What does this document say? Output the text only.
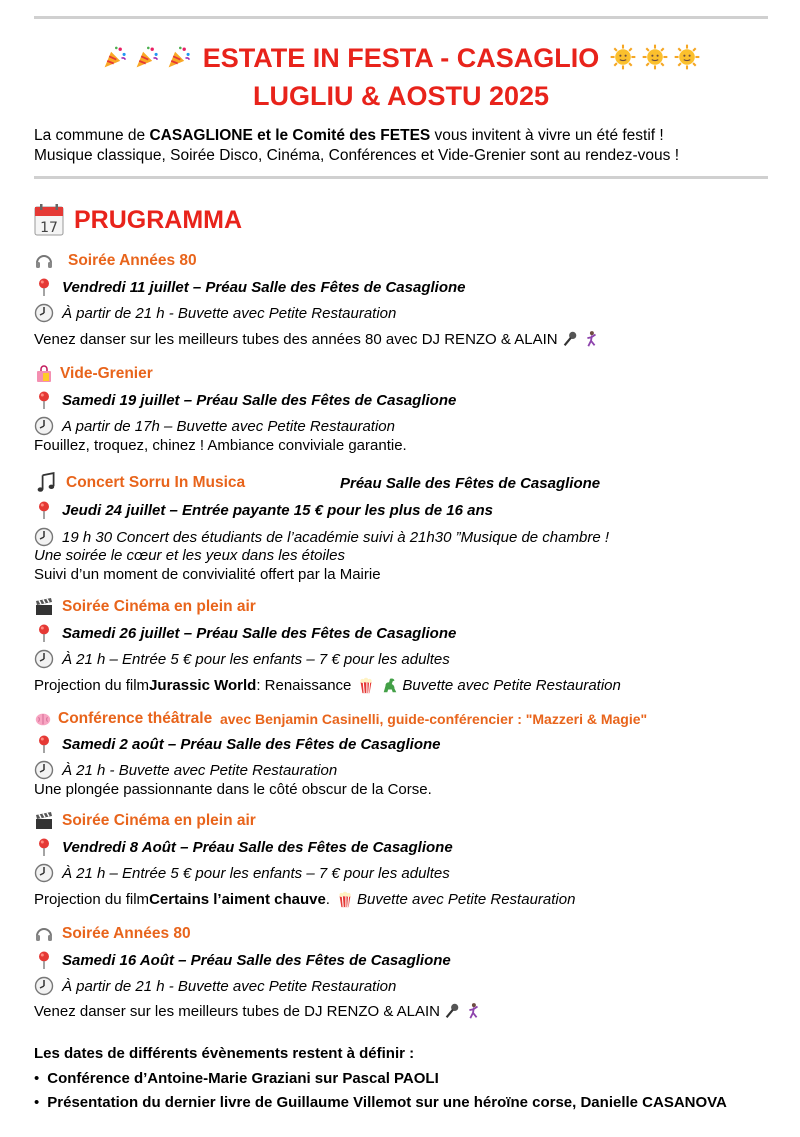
ESTATE IN FESTA - CASAGLIO
LUGLIU & AOSTU 2025
La commune de CASAGLIONE et le Comité des FETES vous invitent à vivre un été festif !
Musique classique, Soirée Disco, Cinéma, Conférences et Vide-Grenier sont au rendez-vous !
17 PRUGRAMMA
Soirée Années 80
Vendredi 11 juillet – Préau Salle des Fêtes de Casaglione
À partir de 21 h - Buvette avec Petite Restauration
Venez danser sur les meilleurs tubes des années 80 avec DJ RENZO & ALAIN
Vide-Grenier
Samedi 19 juillet – Préau Salle des Fêtes de Casaglione
A partir de 17h – Buvette avec Petite Restauration
Fouillez, troquez, chinez ! Ambiance conviviale garantie.
Concert Sorru In Musica	Préau Salle des Fêtes de Casaglione
Jeudi 24 juillet – Entrée payante 15 € pour les plus de 16 ans
19 h 30 Concert des étudiants de l’académie suivi à 21h30 ”Musique de chambre !
Une soirée le cœur et les yeux dans les étoiles
Suivi d’un moment de convivialité offert par la Mairie
Soirée Cinéma en plein air
Samedi 26 juillet – Préau Salle des Fêtes de Casaglione
À 21 h – Entrée 5 € pour les enfants – 7 € pour les adultes
Projection du film Jurassic World : Renaissance	Buvette avec Petite Restauration
Conférence théâtrale avec Benjamin Casinelli, guide-conférencier : "Mazzeri & Magie"
Samedi 2 août – Préau Salle des Fêtes de Casaglione
À 21 h - Buvette avec Petite Restauration
Une plongée passionnante dans le côté obscur de la Corse.
Soirée Cinéma en plein air
Vendredi 8 Août – Préau Salle des Fêtes de Casaglione
À 21 h – Entrée 5 € pour les enfants – 7 € pour les adultes
Projection du film Certains l’aiment chauve . Buvette avec Petite Restauration
Soirée Années 80
Samedi 16 Août – Préau Salle des Fêtes de Casaglione
À partir de 21 h - Buvette avec Petite Restauration
Venez danser sur les meilleurs tubes de DJ RENZO & ALAIN
Les dates de différents évènements restent à définir :
• Conférence d’Antoine-Marie Graziani sur Pascal PAOLI
• Présentation du dernier livre de Guillaume Villemot sur une héroïne corse, Danielle CASANOVA
